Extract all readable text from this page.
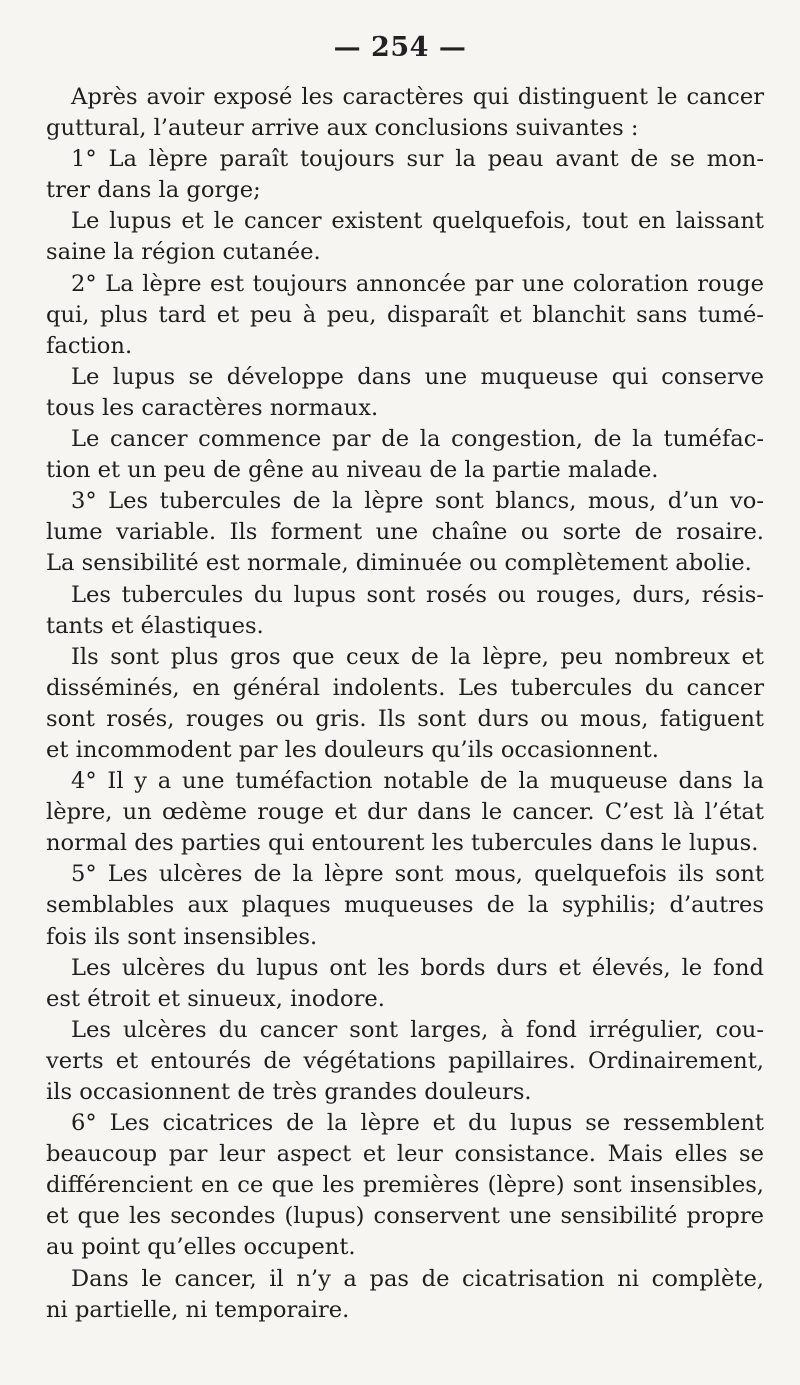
— 254 —
Après avoir exposé les caractères qui distinguent le cancer
guttural, l’auteur arrive aux conclusions suivantes :
1° La lèpre paraît toujours sur la peau avant de se mon-
trer dans la gorge;
Le lupus et le cancer existent quelquefois, tout en laissant
saine la région cutanée.
2° La lèpre est toujours annoncée par une coloration rouge
qui, plus tard et peu à peu, disparaît et blanchit sans tumé-
faction.
Le lupus se développe dans une muqueuse qui conserve
tous les caractères normaux.
Le cancer commence par de la congestion, de la tuméfac-
tion et un peu de gêne au niveau de la partie malade.
3° Les tubercules de la lèpre sont blancs, mous, d’un vo-
lume variable. Ils forment une chaîne ou sorte de rosaire.
La sensibilité est normale, diminuée ou complètement abolie.
Les tubercules du lupus sont rosés ou rouges, durs, résis-
tants et élastiques.
Ils sont plus gros que ceux de la lèpre, peu nombreux et
disséminés, en général indolents. Les tubercules du cancer
sont rosés, rouges ou gris. Ils sont durs ou mous, fatiguent
et incommodent par les douleurs qu’ils occasionnent.
4° Il y a une tuméfaction notable de la muqueuse dans la
lèpre, un œdème rouge et dur dans le cancer. C’est là l’état
normal des parties qui entourent les tubercules dans le lupus.
5° Les ulcères de la lèpre sont mous, quelquefois ils sont
semblables aux plaques muqueuses de la syphilis; d’autres
fois ils sont insensibles.
Les ulcères du lupus ont les bords durs et élevés, le fond
est étroit et sinueux, inodore.
Les ulcères du cancer sont larges, à fond irrégulier, cou-
verts et entourés de végétations papillaires. Ordinairement,
ils occasionnent de très grandes douleurs.
6° Les cicatrices de la lèpre et du lupus se ressemblent
beaucoup par leur aspect et leur consistance. Mais elles se
différencient en ce que les premières (lèpre) sont insensibles,
et que les secondes (lupus) conservent une sensibilité propre
au point qu’elles occupent.
Dans le cancer, il n’y a pas de cicatrisation ni complète,
ni partielle, ni temporaire.
